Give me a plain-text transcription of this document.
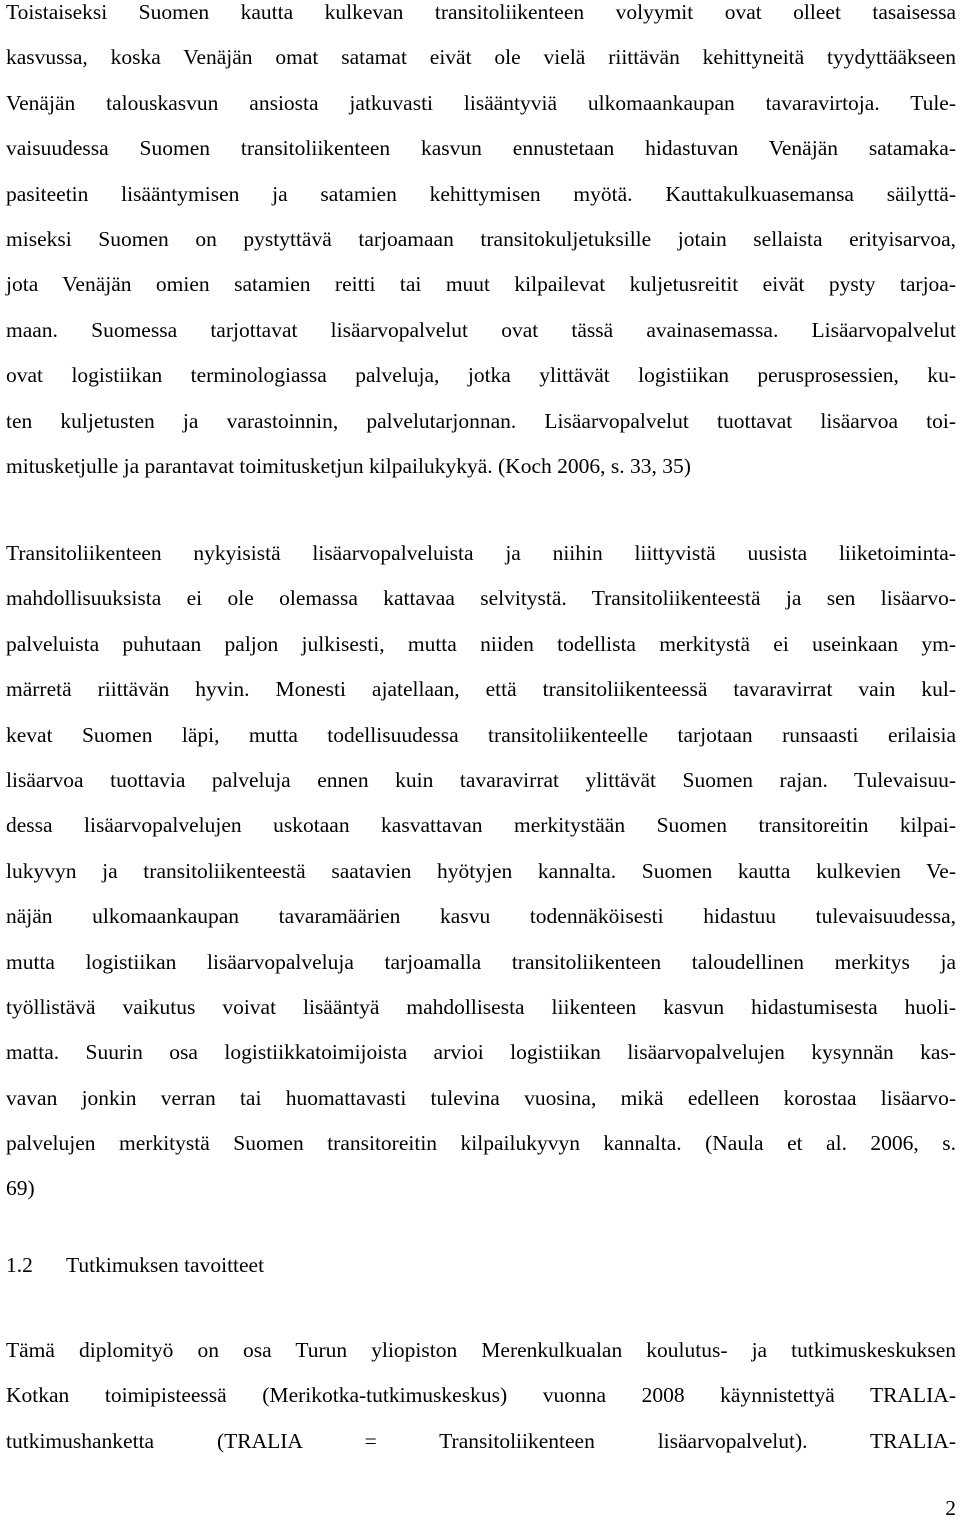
Toistaiseksi Suomen kautta kulkevan transitoliikenteen volyymit ovat olleet tasaisessa
kasvussa, koska Venäjän omat satamat eivät ole vielä riittävän kehittyneitä tyydyttääkseen
Venäjän talouskasvun ansiosta jatkuvasti lisääntyviä ulkomaankaupan tavaravirtoja. Tule-
vaisuudessa Suomen transitoliikenteen kasvun ennustetaan hidastuvan Venäjän satamaka-
pasiteetin lisääntymisen ja satamien kehittymisen myötä. Kauttakulkuasemansa säilyttä-
miseksi Suomen on pystyttävä tarjoamaan transitokuljetuksille jotain sellaista erityisarvoa,
jota Venäjän omien satamien reitti tai muut kilpailevat kuljetusreitit eivät pysty tarjoa-
maan. Suomessa tarjottavat lisäarvopalvelut ovat tässä avainasemassa. Lisäarvopalvelut
ovat logistiikan terminologiassa palveluja, jotka ylittävät logistiikan perusprosessien, ku-
ten kuljetusten ja varastoinnin, palvelutarjonnan. Lisäarvopalvelut tuottavat lisäarvoa toi-
mitusketjulle ja parantavat toimitusketjun kilpailukykyä. (Koch 2006, s. 33, 35)
Transitoliikenteen nykyisistä lisäarvopalveluista ja niihin liittyvistä uusista liiketoiminta-
mahdollisuuksista ei ole olemassa kattavaa selvitystä. Transitoliikenteestä ja sen lisäarvo-
palveluista puhutaan paljon julkisesti, mutta niiden todellista merkitystä ei useinkaan ym-
märretä riittävän hyvin. Monesti ajatellaan, että transitoliikenteessä tavaravirrat vain kul-
kevat Suomen läpi, mutta todellisuudessa transitoliikenteelle tarjotaan runsaasti erilaisia
lisäarvoa tuottavia palveluja ennen kuin tavaravirrat ylittävät Suomen rajan. Tulevaisuu-
dessa lisäarvopalvelujen uskotaan kasvattavan merkitystään Suomen transitoreitin kilpai-
lukyvyn ja transitoliikenteestä saatavien hyötyjen kannalta. Suomen kautta kulkevien Ve-
näjän ulkomaankaupan tavaramäärien kasvu todennäköisesti hidastuu tulevaisuudessa,
mutta logistiikan lisäarvopalveluja tarjoamalla transitoliikenteen taloudellinen merkitys ja
työllistävä vaikutus voivat lisääntyä mahdollisesta liikenteen kasvun hidastumisesta huoli-
matta. Suurin osa logistiikkatoimijoista arvioi logistiikan lisäarvopalvelujen kysynnän kas-
vavan jonkin verran tai huomattavasti tulevina vuosina, mikä edelleen korostaa lisäarvo-
palvelujen merkitystä Suomen transitoreitin kilpailukyvyn kannalta. (Naula et al. 2006, s.
69)
1.2 Tutkimuksen tavoitteet
Tämä diplomityö on osa Turun yliopiston Merenkulkualan koulutus- ja tutkimuskeskuksen
Kotkan toimipisteessä (Merikotka-tutkimuskeskus) vuonna 2008 käynnistettyä TRALIA-
tutkimushanketta (TRALIA = Transitoliikenteen lisäarvopalvelut). TRALIA-
2
